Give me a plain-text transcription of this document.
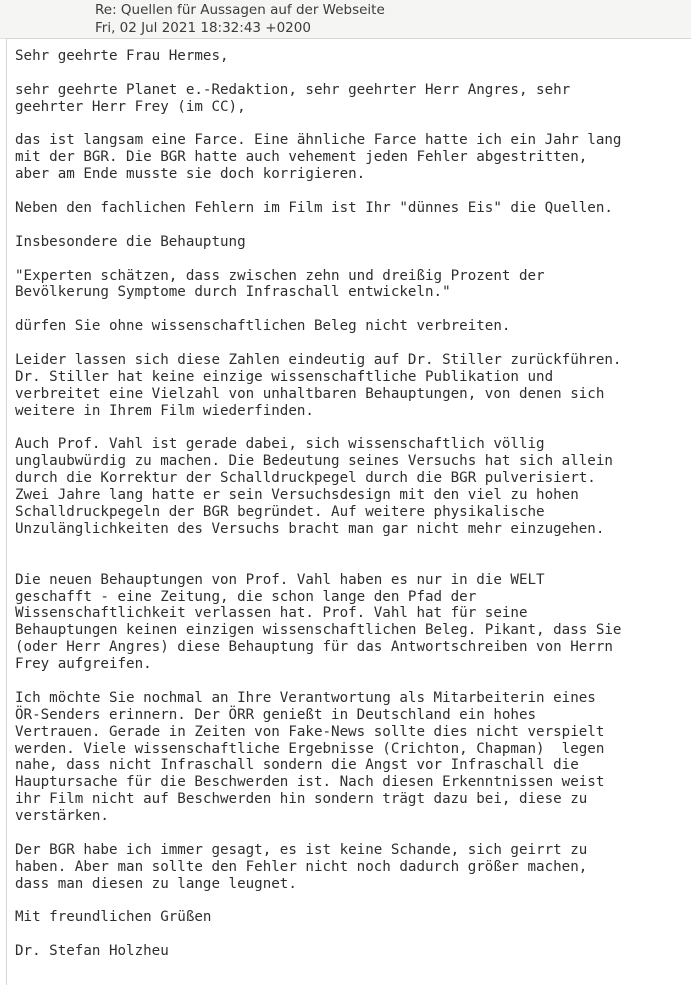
Re: Quellen für Aussagen auf der Webseite
Fri, 02 Jul 2021 18:32:43 +0200
Sehr geehrte Frau Hermes,

sehr geehrte Planet e.-Redaktion, sehr geehrter Herr Angres, sehr
geehrter Herr Frey (im CC),

das ist langsam eine Farce. Eine ähnliche Farce hatte ich ein Jahr lang
mit der BGR. Die BGR hatte auch vehement jeden Fehler abgestritten,
aber am Ende musste sie doch korrigieren.

Neben den fachlichen Fehlern im Film ist Ihr "dünnes Eis" die Quellen.

Insbesondere die Behauptung

"Experten schätzen, dass zwischen zehn und dreißig Prozent der
Bevölkerung Symptome durch Infraschall entwickeln."

dürfen Sie ohne wissenschaftlichen Beleg nicht verbreiten.

Leider lassen sich diese Zahlen eindeutig auf Dr. Stiller zurückführen.
Dr. Stiller hat keine einzige wissenschaftliche Publikation und
verbreitet eine Vielzahl von unhaltbaren Behauptungen, von denen sich
weitere in Ihrem Film wiederfinden.

Auch Prof. Vahl ist gerade dabei, sich wissenschaftlich völlig
unglaubwürdig zu machen. Die Bedeutung seines Versuchs hat sich allein
durch die Korrektur der Schalldruckpegel durch die BGR pulverisiert.
Zwei Jahre lang hatte er sein Versuchsdesign mit den viel zu hohen
Schalldruckpegeln der BGR begründet. Auf weitere physikalische
Unzulänglichkeiten des Versuchs bracht man gar nicht mehr einzugehen.

Die neuen Behauptungen von Prof. Vahl haben es nur in die WELT
geschafft - eine Zeitung, die schon lange den Pfad der
Wissenschaftlichkeit verlassen hat. Prof. Vahl hat für seine
Behauptungen keinen einzigen wissenschaftlichen Beleg. Pikant, dass Sie
(oder Herr Angres) diese Behauptung für das Antwortschreiben von Herrn
Frey aufgreifen.

Ich möchte Sie nochmal an Ihre Verantwortung als Mitarbeiterin eines
ÖR-Senders erinnern. Der ÖRR genießt in Deutschland ein hohes
Vertrauen. Gerade in Zeiten von Fake-News sollte dies nicht verspielt
werden. Viele wissenschaftliche Ergebnisse (Crichton, Chapman)  legen
nahe, dass nicht Infraschall sondern die Angst vor Infraschall die
Hauptursache für die Beschwerden ist. Nach diesen Erkenntnissen weist
ihr Film nicht auf Beschwerden hin sondern trägt dazu bei, diese zu
verstärken.

Der BGR habe ich immer gesagt, es ist keine Schande, sich geirrt zu
haben. Aber man sollte den Fehler nicht noch dadurch größer machen,
dass man diesen zu lange leugnet.

Mit freundlichen Grüßen

Dr. Stefan Holzheu
